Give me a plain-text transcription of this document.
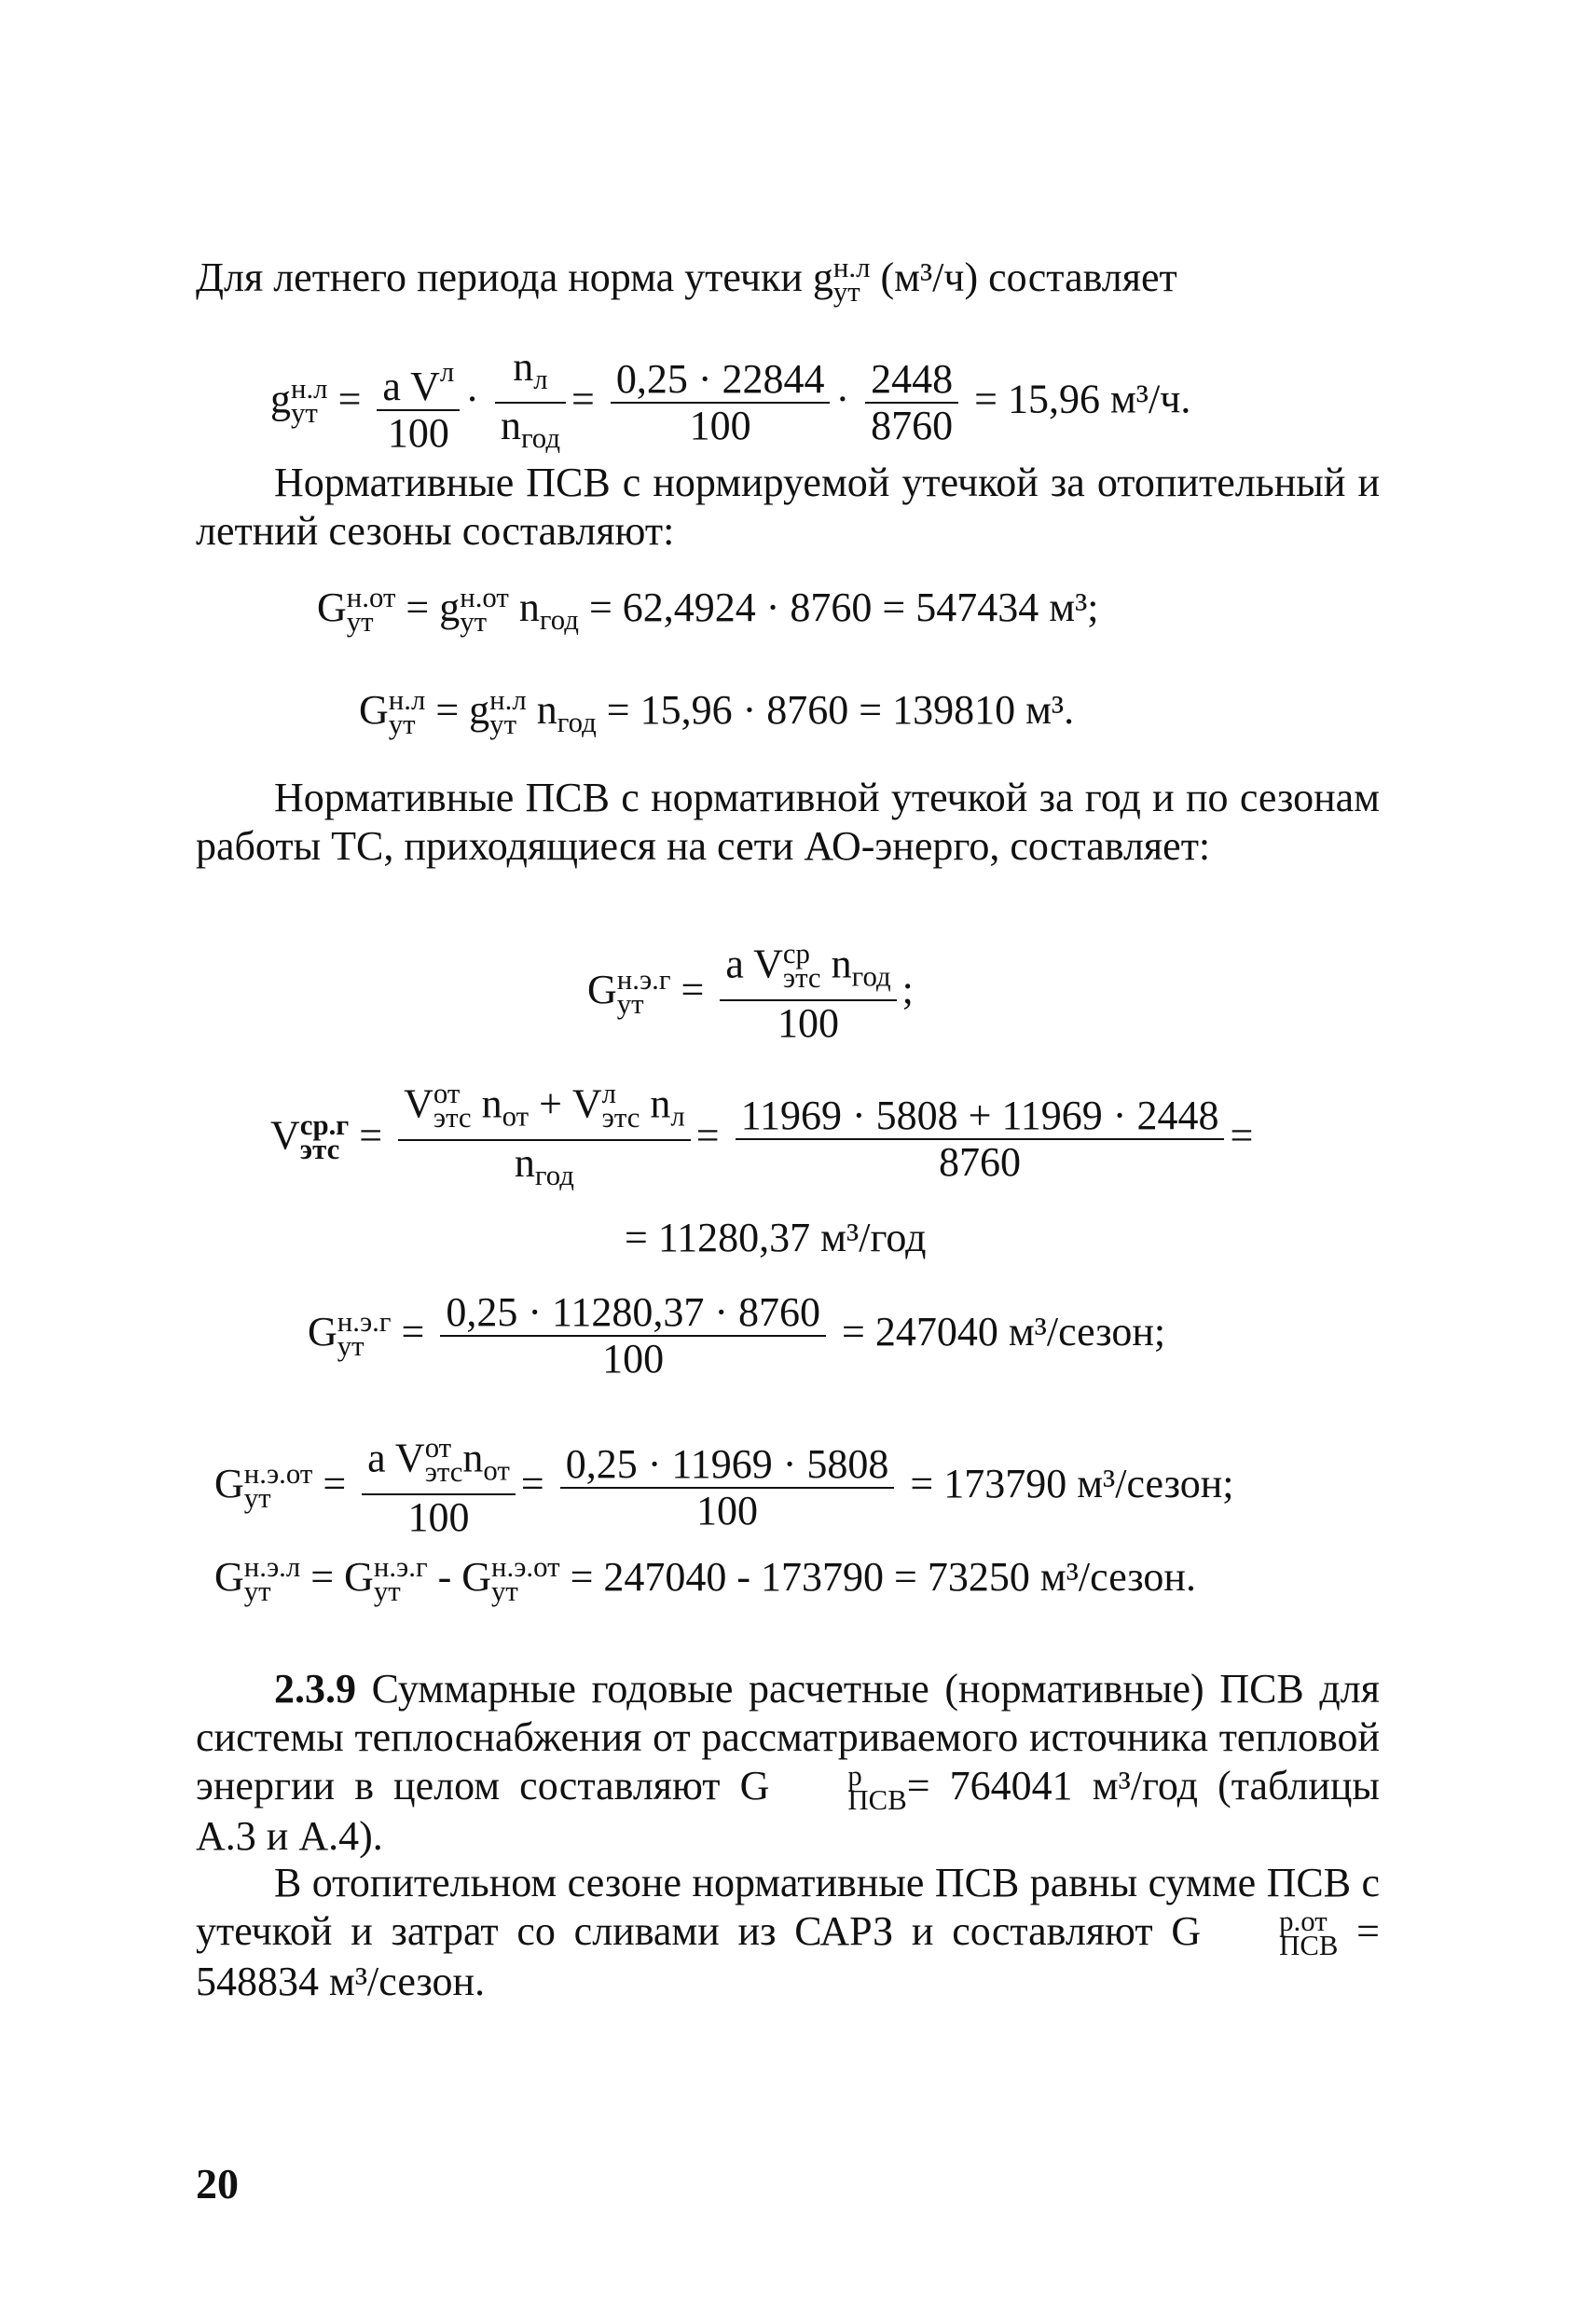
Для летнего периода норма утечки g н.л
ут (м³/ч) составляет
g н.л
ут = $\frac{a V^л}{100} \cdot \frac{n_л}{n_{год}} = \frac{0,25 \cdot 22844}{100} \cdot \frac{2448}{8760} = 15,96$ м³/ч.
Нормативные ПСВ с нормируемой утечкой за отопительный и летний сезоны составляют:
G н.от
ут = g н.от
ут $n_{год} = 62,4924 \cdot 8760 = 547434$ м³;
G н.л
ут = g н.л
ут $n_{год} = 15,96 \cdot 8760 = 139810$ м³.
Нормативные ПСВ с нормативной утечкой за год и по сезонам работы ТС, приходящиеся на сети АО-энерго, составляет:
G н.э.г
ут = a V ср
этс $n_{год}$
100 ;
V ср.г
этс = V от
этс $n_{от} + V$ л
этс $n_л$
$n_{год} = \frac{11969 \cdot 5808 + 11969 \cdot 2448}{8760}$ =
= 11280,37 м³/год
G н.э.г
ут = $\frac{0,25 \cdot 11280,37 \cdot 8760}{100} = 247040$ м³/сезон;
G н.э.от
ут	= a V от
этс $n_{от}$
$100 = \frac{0,25 \cdot 11969 \cdot 5808}{100} = 173790$ м³/сезон;
G н.э.л
ут = G н.э.г
ут - G н.э.от
ут	= 247040 - 173790 = 73250 м³/сезон.
2.3.9 Суммарные годовые расчетные (нормативные) ПСВ для системы теплоснабжения от рассматриваемого источника тепловой энергии в целом составляют G	р
ПСВ = 764041 м³/год (таблицы А.3 и А.4).
В отопительном сезоне нормативные ПСВ равны сумме ПСВ с утечкой и затрат со сливами из САРЗ и составляют G	р.от
ПСВ = 548834 м³/сезон.
20
